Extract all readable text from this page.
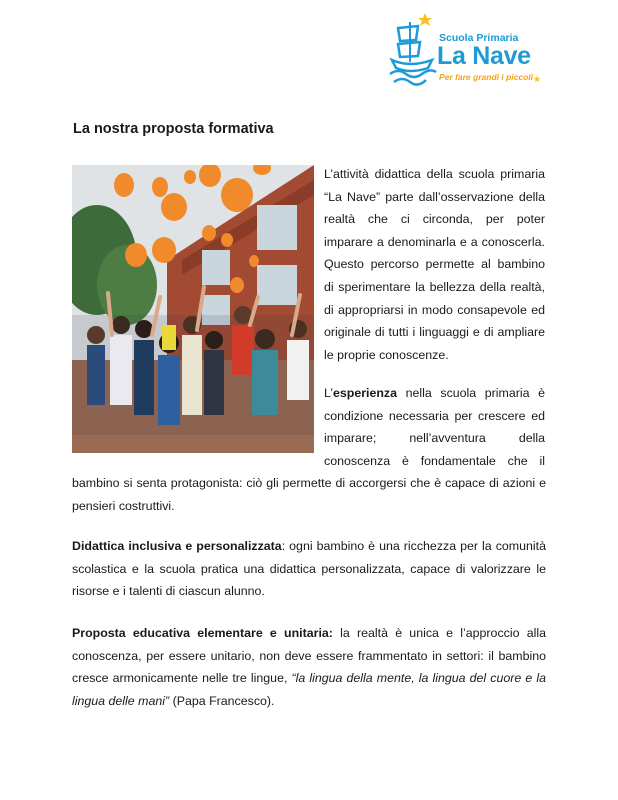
Scuola Primaria
La Nave
Per fare grandi i piccoli ★
La nostra proposta formativa
L’attività didattica della scuola primaria “La Nave” parte dall’osservazione della realtà che ci circonda, per poter imparare a denominarla e a conoscerla. Questo percorso permette al bambino di sperimentare la bellezza della realtà, di appropriarsi in modo consapevole ed originale di tutti i linguaggi e di ampliare le proprie conoscenze.
L’esperienza nella scuola primaria è
condizione necessaria per crescere ed
imparare; nell’avventura della
conoscenza è fondamentale che il
bambino si senta protagonista: ciò gli permette di accorgersi che è capace di azioni e pensieri costruttivi.
Didattica inclusiva e personalizzata: ogni bambino è una ricchezza per la comunità scolastica e la scuola pratica una didattica personalizzata, capace di valorizzare le risorse e i talenti di ciascun alunno.
Proposta educativa elementare e unitaria: la realtà è unica e l’approccio alla conoscenza, per essere unitario, non deve essere frammentato in settori: il bambino cresce armonicamente nelle tre lingue, “la lingua della mente, la lingua del cuore e la lingua delle mani” (Papa Francesco).
